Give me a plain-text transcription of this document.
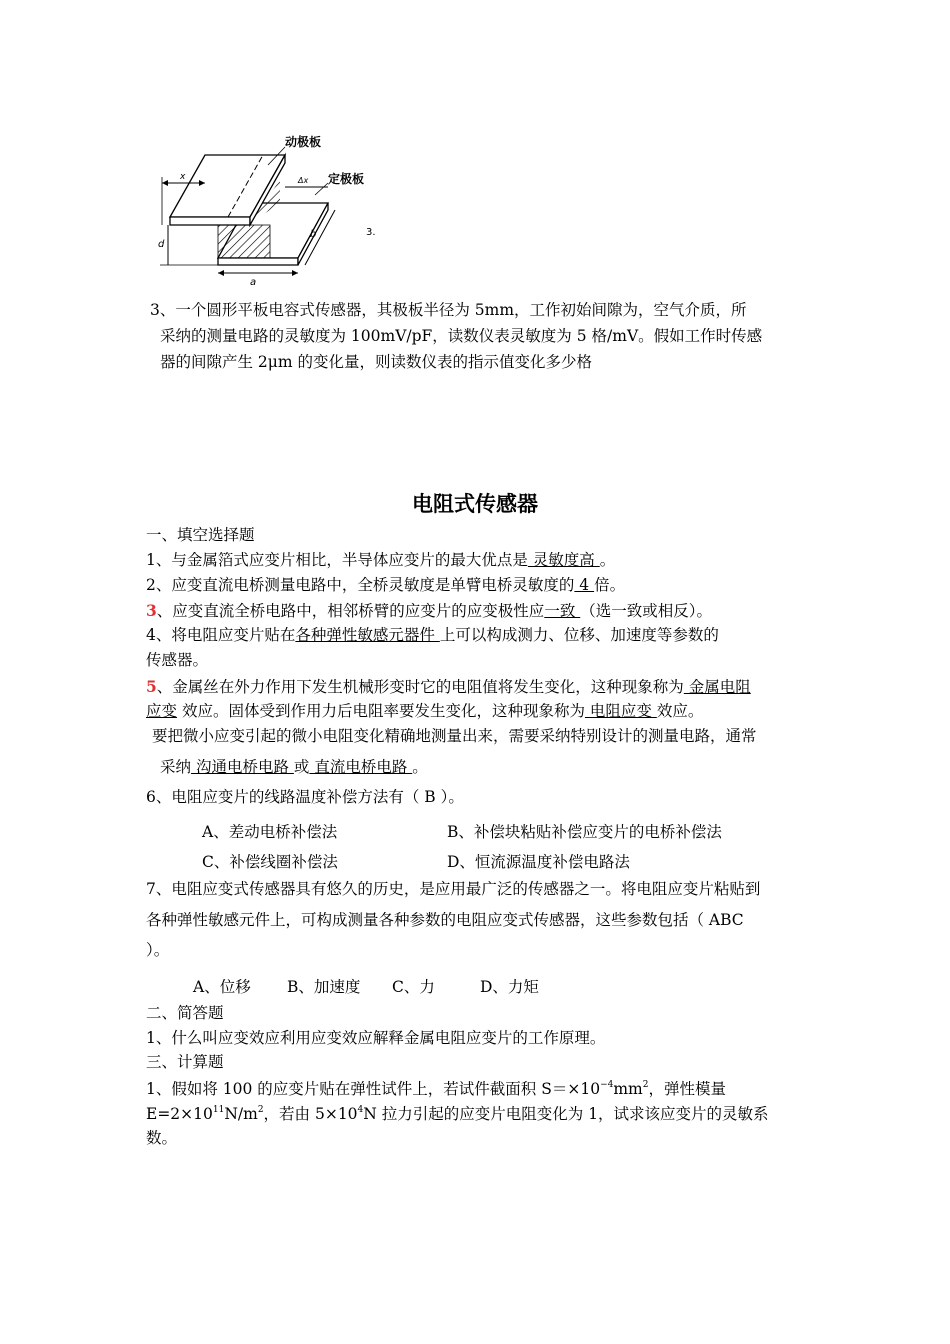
动极板
定极板
x	Δx
d
b
a
3.
3、一个圆形平板电容式传感器，其极板半径为 5mm，工作初始间隙为，空气介质，所
采纳的测量电路的灵敏度为 100mV/pF，读数仪表灵敏度为 5 格/mV。假如工作时传感
器的间隙产生 2μm 的变化量，则读数仪表的指示值变化多少格
电阻式传感器
一、填空选择题
1、与金属箔式应变片相比，半导体应变片的最大优点是 灵敏度高 。
2、应变直流电桥测量电路中，全桥灵敏度是单臂电桥灵敏度的 4 倍。
3、应变直流全桥电路中，相邻桥臂的应变片的应变极性应一致 （选一致或相反）。
4、将电阻应变片贴在各种弹性敏感元器件 上可以构成测力、位移、加速度等参数的
传感器。
5、金属丝在外力作用下发生机械形变时它的电阻值将发生变化，这种现象称为 金属电阻
应变 效应。固体受到作用力后电阻率要发生变化，这种现象称为 电阻应变 效应。
要把微小应变引起的微小电阻变化精确地测量出来，需要采纳特别设计的测量电路，通常
采纳 沟通电桥电路 或 直流电桥电路 。
6、电阻应变片的线路温度补偿方法有（ B ）。
A、差动电桥补偿法	B、补偿块粘贴补偿应变片的电桥补偿法
C、补偿线圈补偿法	D、恒流源温度补偿电路法
7、电阻应变式传感器具有悠久的历史，是应用最广泛的传感器之一。将电阻应变片粘贴到
各种弹性敏感元件上，可构成测量各种参数的电阻应变式传感器，这些参数包括（ ABC
）。
A、位移 B、加速度 C、力	D、力矩
二、简答题
1、什么叫应变效应利用应变效应解释金属电阻应变片的工作原理。
三、计算题
1、假如将 100 的应变片贴在弹性试件上，若试件截面积 $S=\times 10^{-4}mm^2$，弹性模量
$E=2\times 10^{11}N/m^2$，若由 $5\times 10^4N$ 拉力引起的应变片电阻变化为 1，试求该应变片的灵敏系
数。
